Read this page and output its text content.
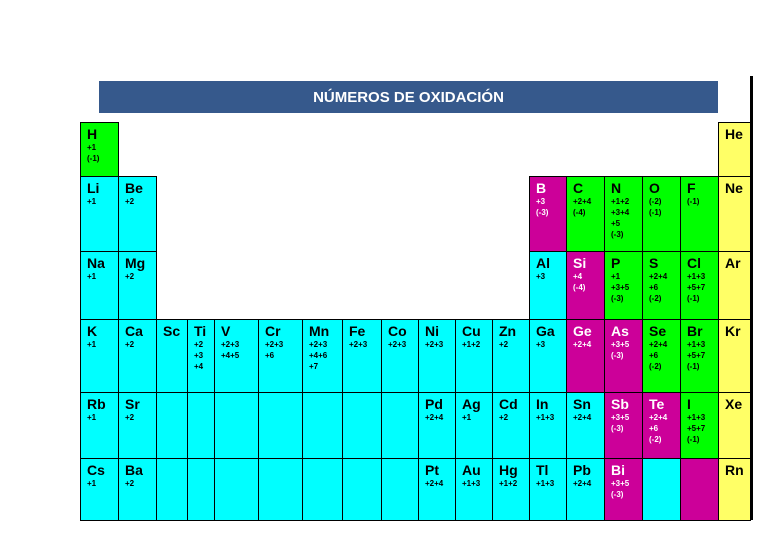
NÚMEROS DE OXIDACIÓN
H
+1
(-1)
He
Li
+1
Be
+2
B
+3
(-3)
C
+2+4
(-4)
N
+1+2
+3+4
+5
(-3)
O
(-2)
(-1)
F
(-1)
Ne
Na
+1
Mg
+2
Al
+3
Si
+4
(-4)
P
+1
+3+5
(-3)
S
+2+4
+6
(-2)
Cl
+1+3
+5+7
(-1)
Ar
K
+1
Ca
+2
Sc Ti
+2
+3
+4
V
+2+3
+4+5
Cr
+2+3
+6
Mn
+2+3
+4+6
+7
Fe
+2+3
Co
+2+3
Ni
+2+3
Cu
+1+2
Zn
+2
Ga
+3
Ge
+2+4
As
+3+5
(-3)
Se
+2+4
+6
(-2)
Br
+1+3
+5+7
(-1)
Kr
Rb
+1
Sr
+2
Pd
+2+4
Ag
+1
Cd
+2
In
+1+3
Sn
+2+4
Sb
+3+5
(-3)
Te
+2+4
+6
(-2)
I
+1+3
+5+7
(-1)
Xe
Cs
+1
Ba
+2
Pt
+2+4
Au
+1+3
Hg
+1+2
Tl
+1+3
Pb
+2+4
Bi
+3+5
(-3)
Rn
